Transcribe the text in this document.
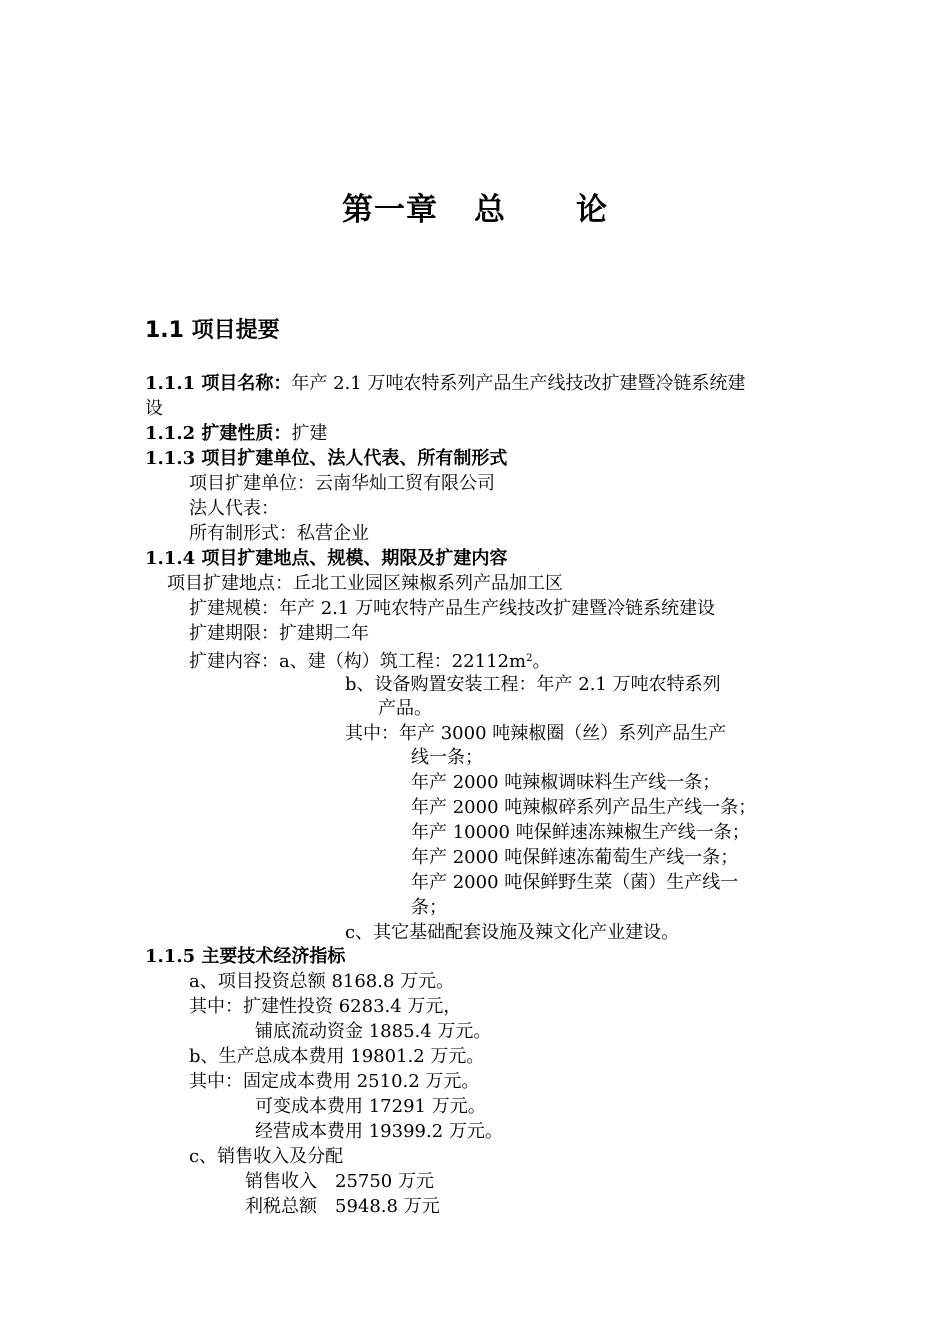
第一章 总 论
1.1 项目提要
1.1.1 项目名称：年产 2.1 万吨农特系列产品生产线技改扩建暨冷链系统建
设
1.1.2 扩建性质：扩建
1.1.3 项目扩建单位、法人代表、所有制形式
项目扩建单位：云南华灿工贸有限公司
法人代表：
所有制形式：私营企业
1.1.4 项目扩建地点、规模、期限及扩建内容
项目扩建地点：丘北工业园区辣椒系列产品加工区
扩建规模：年产 2.1 万吨农特产品生产线技改扩建暨冷链系统建设
扩建期限：扩建期二年
扩建内容：a、建（构）筑工程：$22112m^2$。
b、设备购置安装工程：年产 2.1 万吨农特系列
产品。
其中：年产 3000 吨辣椒圈（丝）系列产品生产
线一条；
年产 2000 吨辣椒调味料生产线一条；
年产 2000 吨辣椒碎系列产品生产线一条；
年产 10000 吨保鲜速冻辣椒生产线一条；
年产 2000 吨保鲜速冻葡萄生产线一条；
年产 2000 吨保鲜野生菜（菌）生产线一
条；
c、其它基础配套设施及辣文化产业建设。
1.1.5 主要技术经济指标
a、项目投资总额 8168.8 万元。
其中：扩建性投资 6283.4 万元，
铺底流动资金 1885.4 万元。
b、生产总成本费用 19801.2 万元。
其中：固定成本费用 2510.2 万元。
可变成本费用 17291 万元。
经营成本费用 19399.2 万元。
c、销售收入及分配
销售收入　25750 万元
利税总额　5948.8 万元
